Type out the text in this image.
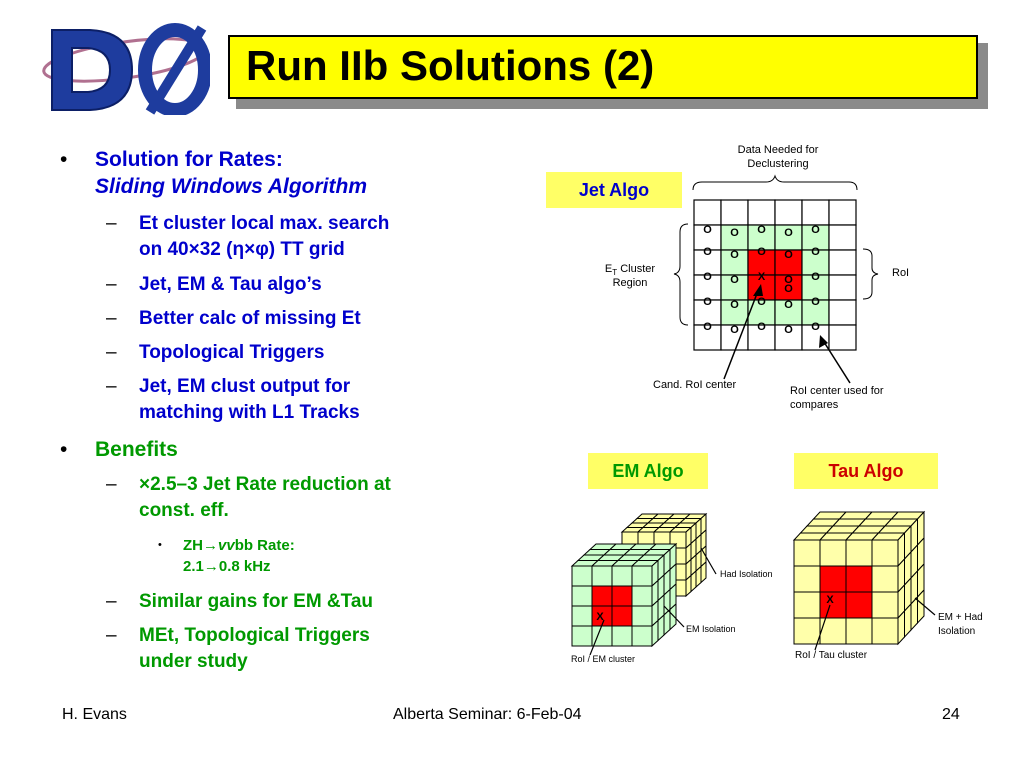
Run IIb Solutions (2)
• Solution for Rates:
Sliding Windows Algorithm
– Et cluster local max. search
on 40×32 (η×φ) TT grid
– Jet, EM & Tau algo’s
– Better calc of missing Et
– Topological Triggers
– Jet, EM clust output for
matching with L1 Tracks
• Benefits
– ×2.5–3 Jet Rate reduction at
const. eff.
• ZH→vvbb Rate:
2.1→0.8 kHz
– Similar gains for EM &Tau
– MEt, Topological Triggers
under study
Jet Algo
EM Algo	Tau Algo
O O O O O
O O O O O
O O X O O
O O O O O
O O O O O
O
Data Needed for
Declustering
$E_T$ Cluster
Region
RoI
Cand. RoI center	RoI center used for
compares
X
Had Isolation
EM Isolation
RoI / EM cluster
X
EM + Had
Isolation
RoI / Tau cluster
H. Evans	Alberta Seminar: 6-Feb-04	24
